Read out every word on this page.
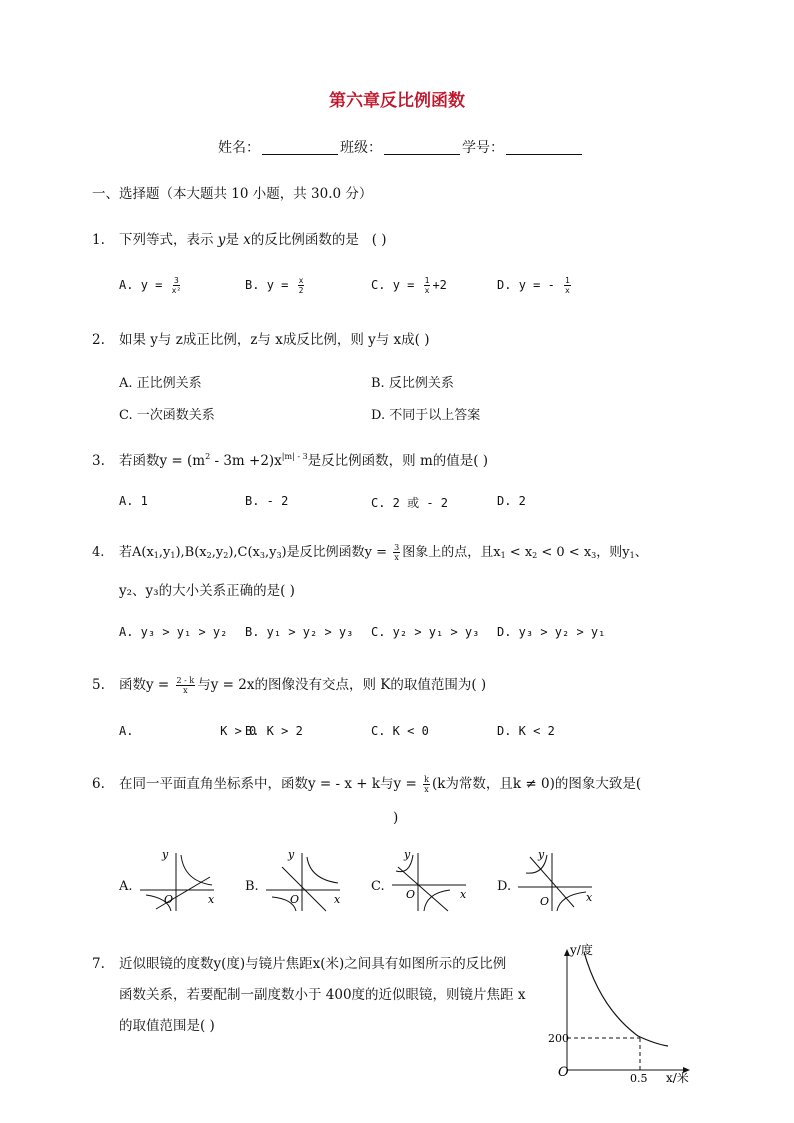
第六章反比例函数
姓名：	班级：	学号：
一、选择题（本大题共 10 小题，共 30.0 分）
1. 下列等式，表示 y是 x的反比例函数的是 ( )
A. $y = \frac{3}{\text{x²}}$	B. $y = \frac{x}{2}$	C. $y = \frac{1}{x} +2$	D. y = - $\frac{1}{x}$
2. 如果 y与 z成正比例，z与 x成反比例，则 y与 x成( )
A. 正比例关系	B. 反比例关系
C. 一次函数关系	D. 不同于以上答案
3. 若函数$y = (m^2 - 3m +2)x^{|m| - 3}$是反比例函数，则 m的值是( )
A. 1	B. - 2	C. 2 或 - 2	D. 2
4. 若$A(x_1,y_1),B(x_2,y_2),C(x_3,y_3)$是反比例函数$y = \frac{3}{x}$ 图象上的点，且$x_1 < x_2 < 0 < x_3$，则$y_1$、
y₂、y₃的大小关系正确的是( )
A. y₃ > y₁ > y₂ B. y₁ > y₂ > y₃ C. y₂ > y₁ > y₃ D. y₃ > y₂ > y₁
5. 函数$y = \frac{2 - k}{x}$ 与y = 2x的图像没有交点，则 K的取值范围为( )
A.            K > 0
B. K > 2	C. K < 0	D. K < 2
6. 在同一平面直角坐标系中，函数y = - x + k与$y = \frac{k}{x} (k$为常数，且k ≠ 0)的图象大致是(
)
A.
y
x
O
B.
y
x
O
C.
y
x
O
D.
y
x
O
7. 近似眼镜的度数y(度)与镜片焦距x(米)之间具有如图所示的反比例
函数关系，若要配制一副度数小于 400度的近似眼镜，则镜片焦距 x
的取值范围是( )
y/度
x/米
O
200
0.5
